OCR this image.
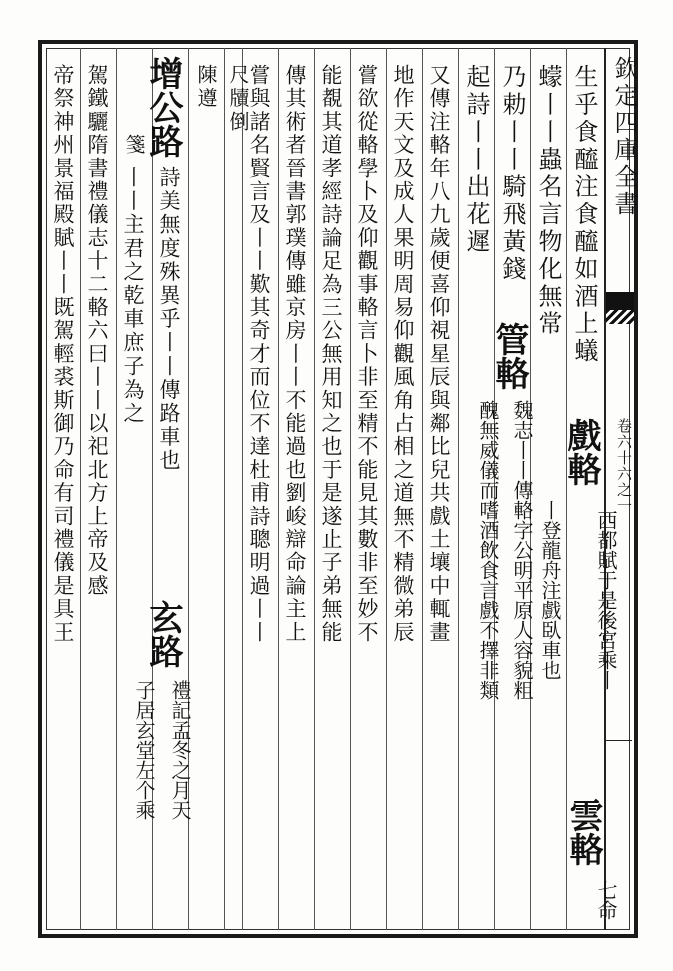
欽定四庫全書
卷六十六之一
生乎食醯注食醯如酒上蟻
蠓丨丨蟲名言物化無常
乃勅丨丨騎飛黃錢
起詩丨丨出花遲
又傳注輅年八九歲便喜仰視星辰與鄰比兒共戲土壤中輒畫
地作天文及成人果明周易仰觀風角占相之道無不精微弟辰
嘗欲從輅學卜及仰觀事輅言卜非至精不能見其數非至妙不
能覩其道孝經詩論足為三公無用知之也于是遂止子弟無能
傳其術者晉書郭璞傳雖京房丨丨不能過也劉峻辯命論主上
嘗與諸名賢言及丨丨歎其奇才而位不達杜甫詩聰明過丨丨
尺牘倒
陳遵
詩美無度殊異乎丨丨傳路車也
丨丨主君之乾車庶子為之
駕鐵驪隋書禮儀志十二輅六曰丨丨以祀北方上帝及感
帝祭神州景福殿賦丨丨既駕輕裘斯御乃命有司禮儀是具王	戲輅
雲輅
管輅
增公路
玄路	西都賦于是後宮乘丨
丨登龍舟注戲臥車也
七命
魏志丨丨傳輅字公明平原人容貌粗
醜無威儀而嗜酒飲食言戲不擇非類
箋
禮記孟冬之月天
子居玄堂左个乘
